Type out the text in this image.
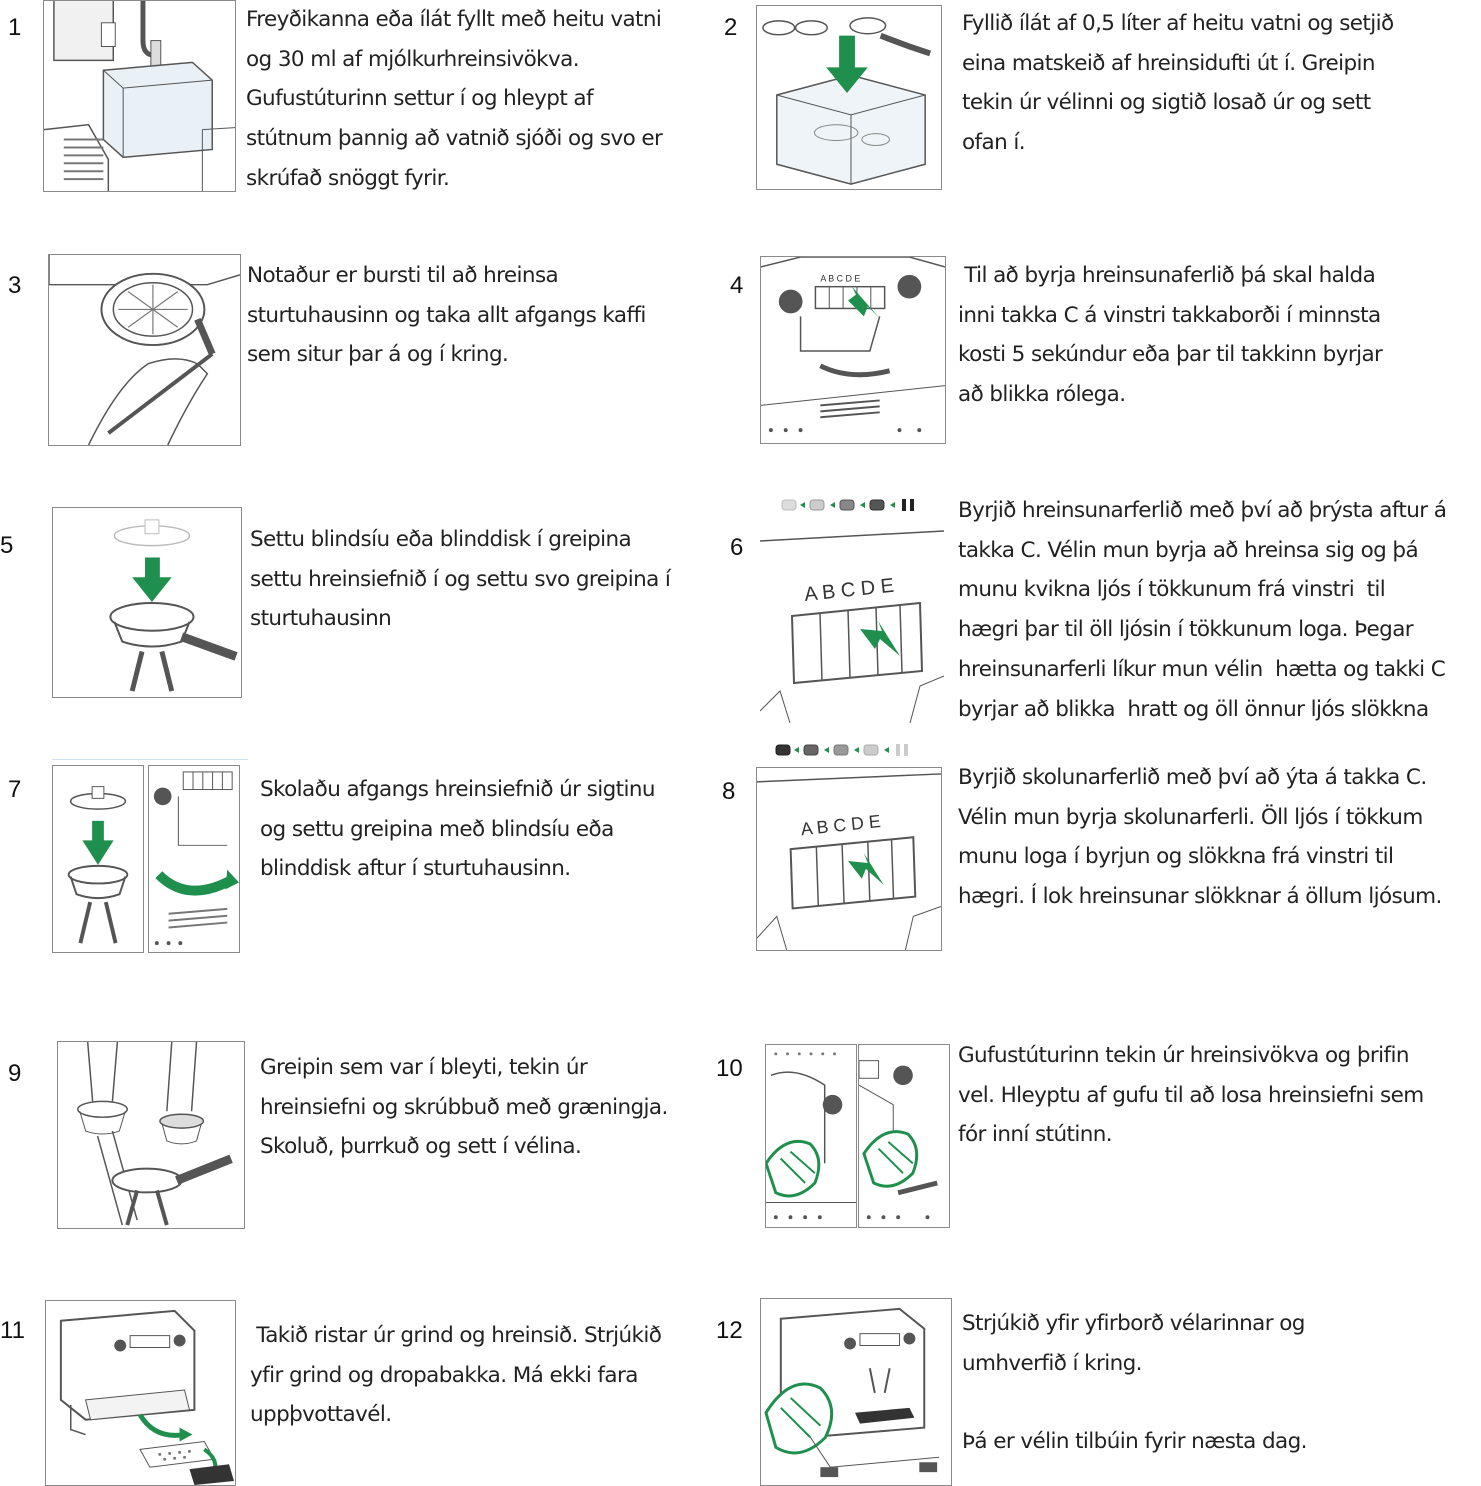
1	Freyðikanna eða ílát fyllt með heitu vatni
og 30 ml af mjólkurhreinsivökva.
Gufustúturinn settur í og hleypt af
stútnum þannig að vatnið sjóði og svo er
skrúfað snöggt fyrir.
2	Fyllið ílát af 0,5 líter af heitu vatni og setjið
eina matskeið af hreinsidufti út í. Greipin
tekin úr vélinni og sigtið losað úr og sett
ofan í.
3	Notaður er bursti til að hreinsa
sturtuhausinn og taka allt afgangs kaffi
sem situr þar á og í kring.
4	A B C D E	Til að byrja hreinsunaferlið þá skal halda
inni takka C á vinstri takkaborði í minnsta
kosti 5 sekúndur eða þar til takkinn byrjar
að blikka rólega.
5	Settu blindsíu eða blinddisk í greipina
settu hreinsiefnið í og settu svo greipina í
sturtuhausinn
6
A B C D E
Byrjið hreinsunarferlið með því að þrýsta aftur á
takka C. Vélin mun byrja að hreinsa sig og þá
munu kvikna ljós í tökkunum frá vinstri  til
hægri þar til öll ljósin í tökkunum loga. Þegar
hreinsunarferli líkur mun vélin  hætta og takki C
byrjar að blikka  hratt og öll önnur ljós slökkna
7	Skolaðu afgangs hreinsiefnið úr sigtinu
og settu greipina með blindsíu eða
blinddisk aftur í sturtuhausinn.
8
A B C D E
Byrjið skolunarferlið með því að ýta á takka C.
Vélin mun byrja skolunarferli. Öll ljós í tökkum
munu loga í byrjun og slökkna frá vinstri til
hægri. Í lok hreinsunar slökknar á öllum ljósum.
9	Greipin sem var í bleyti, tekin úr
hreinsiefni og skrúbbuð með græningja.
Skoluð, þurrkuð og sett í vélina.
10	Gufustúturinn tekin úr hreinsivökva og þrifin
vel. Hleyptu af gufu til að losa hreinsiefni sem
fór inní stútinn.
11	Takið ristar úr grind og hreinsið. Strjúkið
yfir grind og dropabakka. Má ekki fara
uppþvottavél.
12	Strjúkið yfir yfirborð vélarinnar og
umhverfið í kring.
Þá er vélin tilbúin fyrir næsta dag.
